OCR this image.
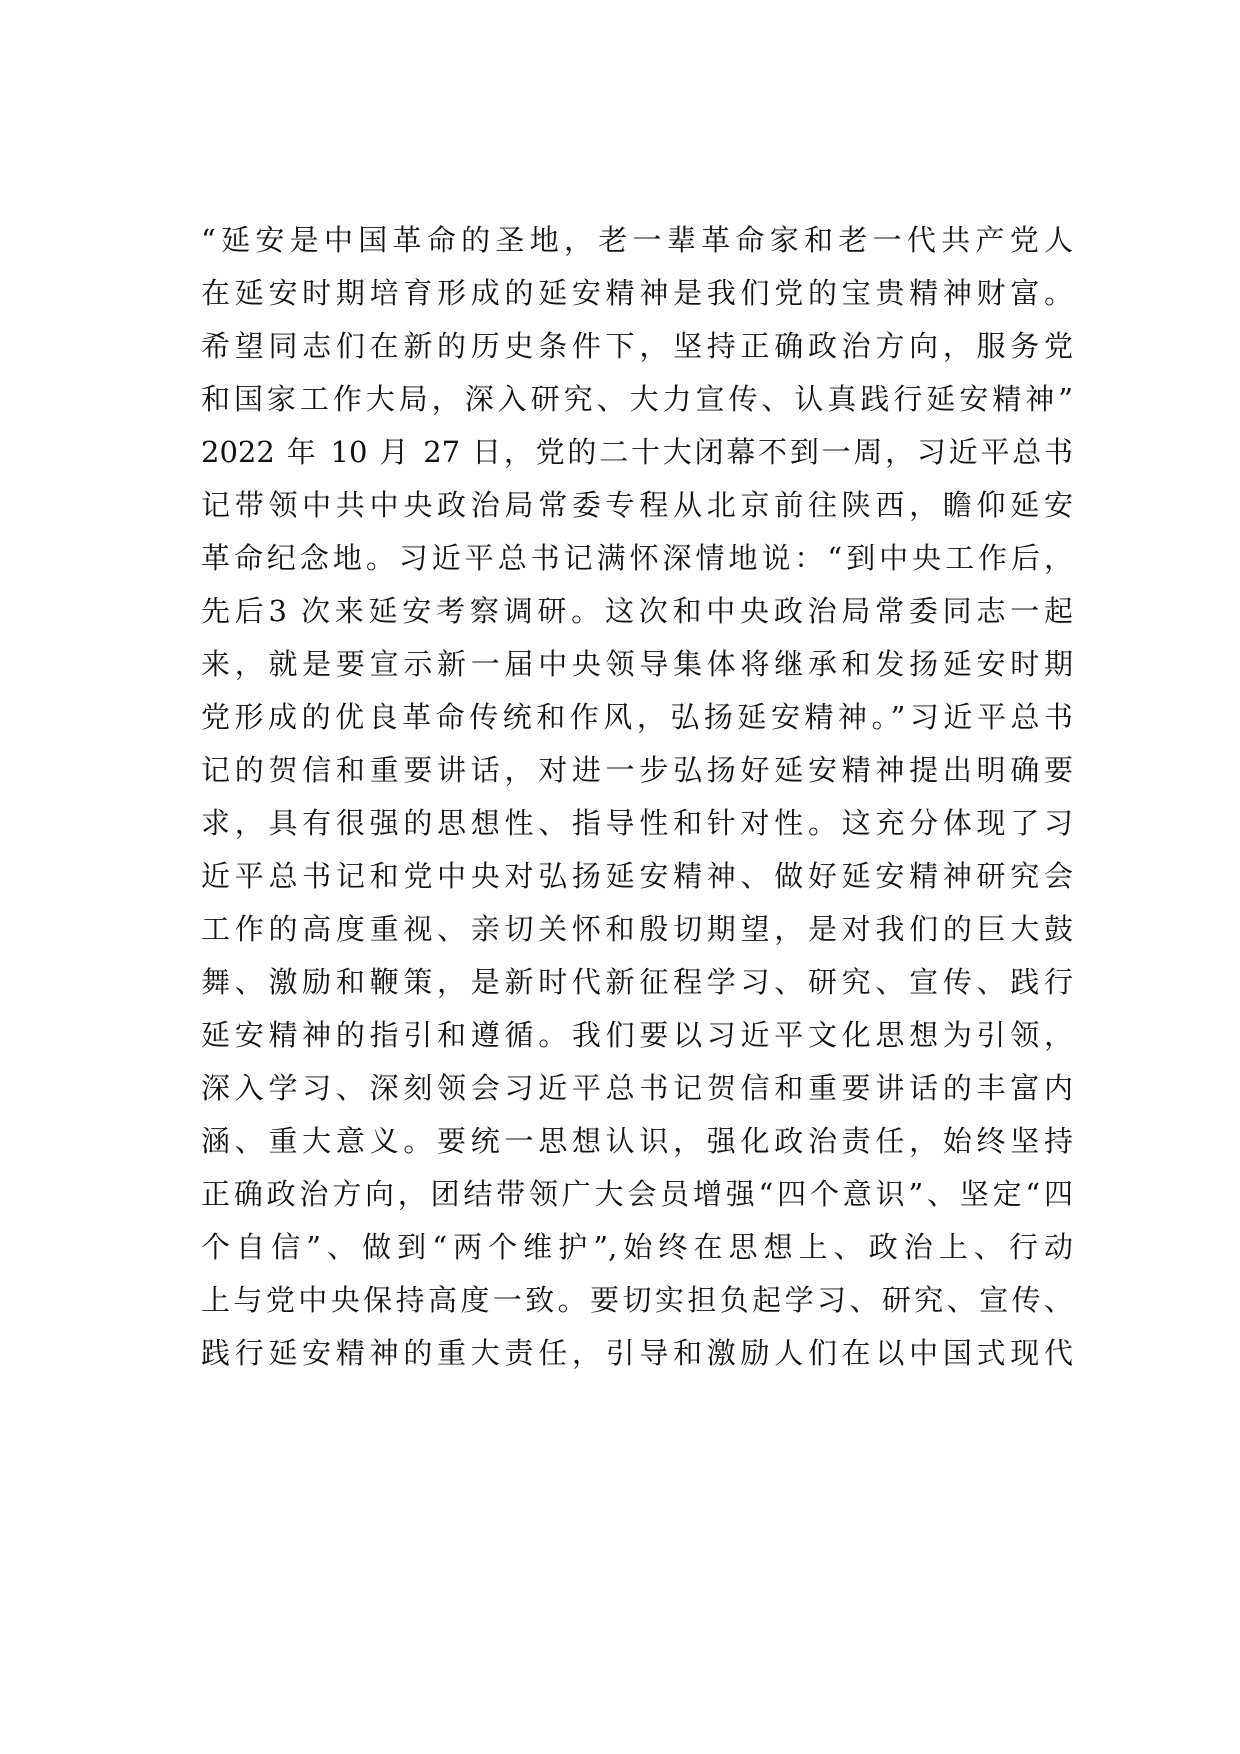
“延安是中国革命的圣地，老一辈革命家和老一代共产党人
在延安时期培育形成的延安精神是我们党的宝贵精神财富。
希望同志们在新的历史条件下，坚持正确政治方向，服务党
和国家工作大局，深入研究、大力宣传、认真践行延安精神”
2022 年 10 月 27 日，党的二十大闭幕不到一周，习近平总书
记带领中共中央政治局常委专程从北京前往陕西，瞻仰延安
革命纪念地。习近平总书记满怀深情地说：“到中央工作后，
先后3 次来延安考察调研。这次和中央政治局常委同志一起
来，就是要宣示新一届中央领导集体将继承和发扬延安时期
党形成的优良革命传统和作风，弘扬延安精神。”习近平总书
记的贺信和重要讲话，对进一步弘扬好延安精神提出明确要
求，具有很强的思想性、指导性和针对性。这充分体现了习
近平总书记和党中央对弘扬延安精神、做好延安精神研究会
工作的高度重视、亲切关怀和殷切期望，是对我们的巨大鼓
舞、激励和鞭策，是新时代新征程学习、研究、宣传、践行
延安精神的指引和遵循。我们要以习近平文化思想为引领，
深入学习、深刻领会习近平总书记贺信和重要讲话的丰富内
涵、重大意义。要统一思想认识，强化政治责任，始终坚持
正确政治方向，团结带领广大会员增强“四个意识”、坚定“四
个自信”、做到“两个维护”,始终在思想上、政治上、行动
上与党中央保持高度一致。要切实担负起学习、研究、宣传、
践行延安精神的重大责任，引导和激励人们在以中国式现代
